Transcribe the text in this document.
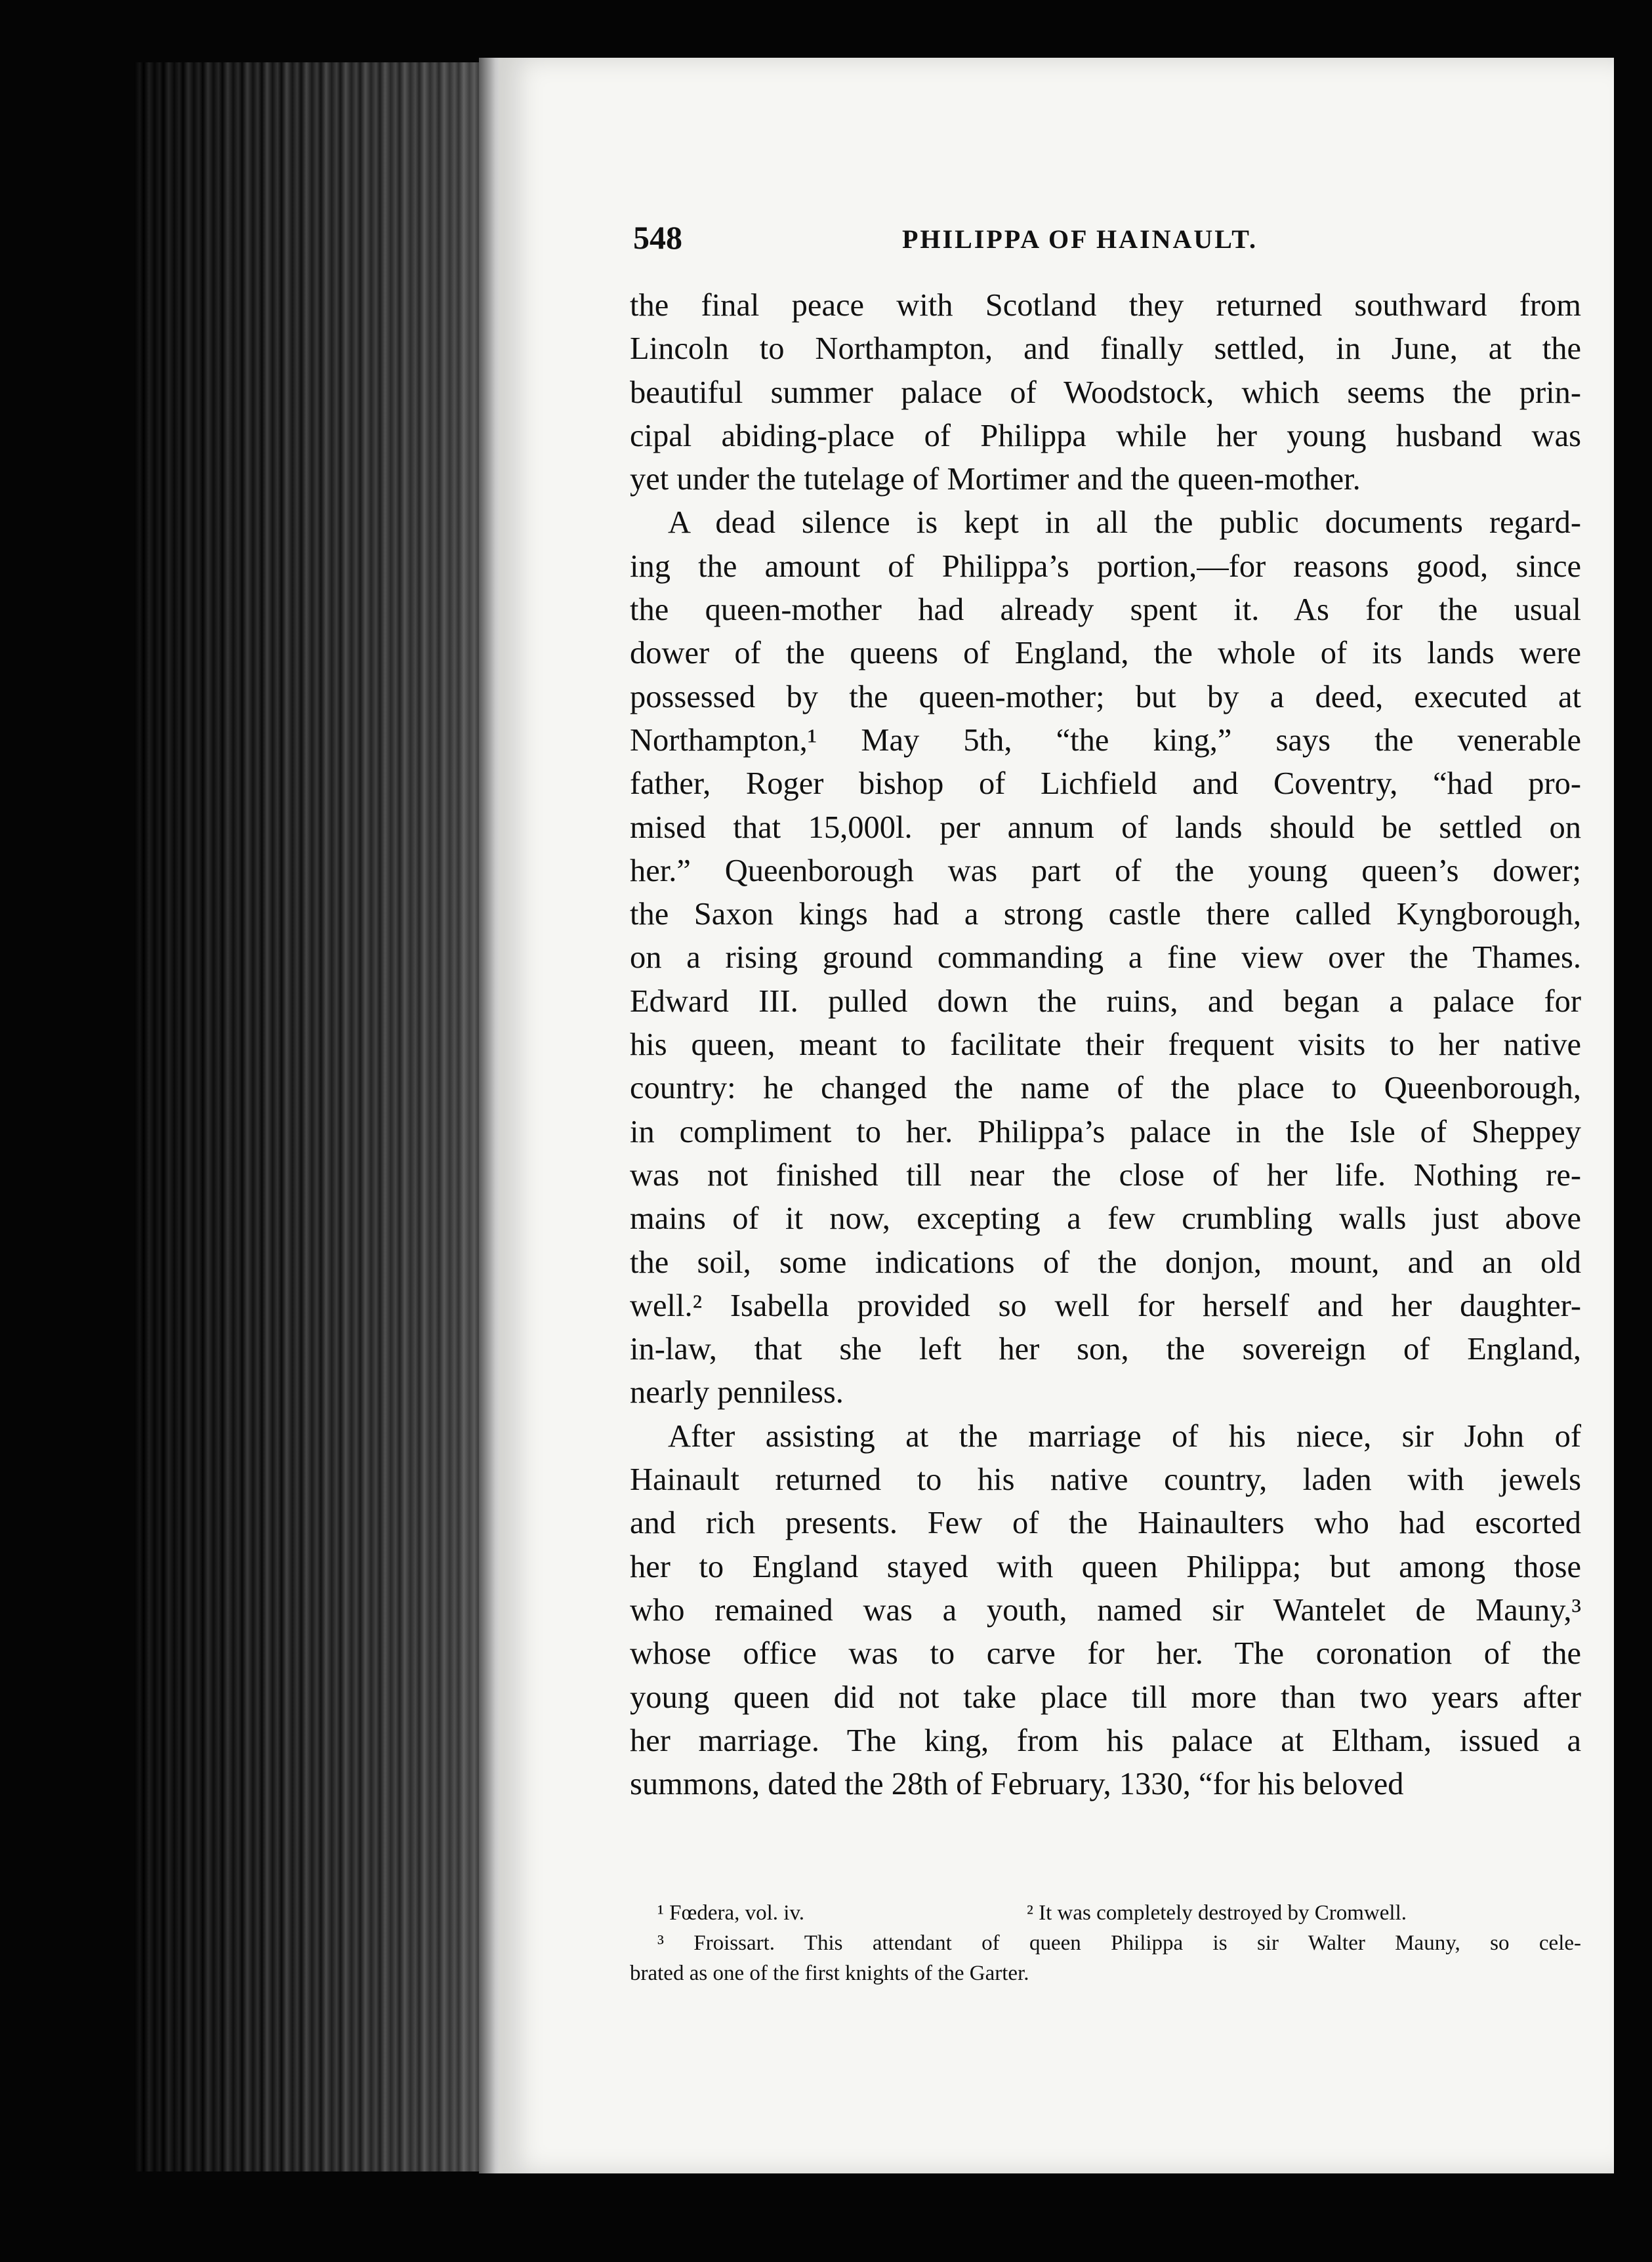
548	PHILIPPA OF HAINAULT.
the final peace with Scotland they returned southward from
Lincoln to Northampton, and finally settled, in June, at the
beautiful summer palace of Woodstock, which seems the prin-
cipal abiding-place of Philippa while her young husband was
yet under the tutelage of Mortimer and the queen-mother.
A dead silence is kept in all the public documents regard-
ing the amount of Philippa’s portion,—for reasons good, since
the queen-mother had already spent it. As for the usual
dower of the queens of England, the whole of its lands were
possessed by the queen-mother; but by a deed, executed at
Northampton,¹ May 5th, “the king,” says the venerable
father, Roger bishop of Lichfield and Coventry, “had pro-
mised that 15,000l. per annum of lands should be settled on
her.” Queenborough was part of the young queen’s dower;
the Saxon kings had a strong castle there called Kyngborough,
on a rising ground commanding a fine view over the Thames.
Edward III. pulled down the ruins, and began a palace for
his queen, meant to facilitate their frequent visits to her native
country: he changed the name of the place to Queenborough,
in compliment to her. Philippa’s palace in the Isle of Sheppey
was not finished till near the close of her life. Nothing re-
mains of it now, excepting a few crumbling walls just above
the soil, some indications of the donjon, mount, and an old
well.² Isabella provided so well for herself and her daughter-
in-law, that she left her son, the sovereign of England,
nearly penniless.
After assisting at the marriage of his niece, sir John of
Hainault returned to his native country, laden with jewels
and rich presents. Few of the Hainaulters who had escorted
her to England stayed with queen Philippa; but among those
who remained was a youth, named sir Wantelet de Mauny,³
whose office was to carve for her. The coronation of the
young queen did not take place till more than two years after
her marriage. The king, from his palace at Eltham, issued a
summons, dated the 28th of February, 1330, “for his beloved
¹ Fœdera, vol. iv.	² It was completely destroyed by Cromwell.
³ Froissart. This attendant of queen Philippa is sir Walter Mauny, so cele-
brated as one of the first knights of the Garter.
